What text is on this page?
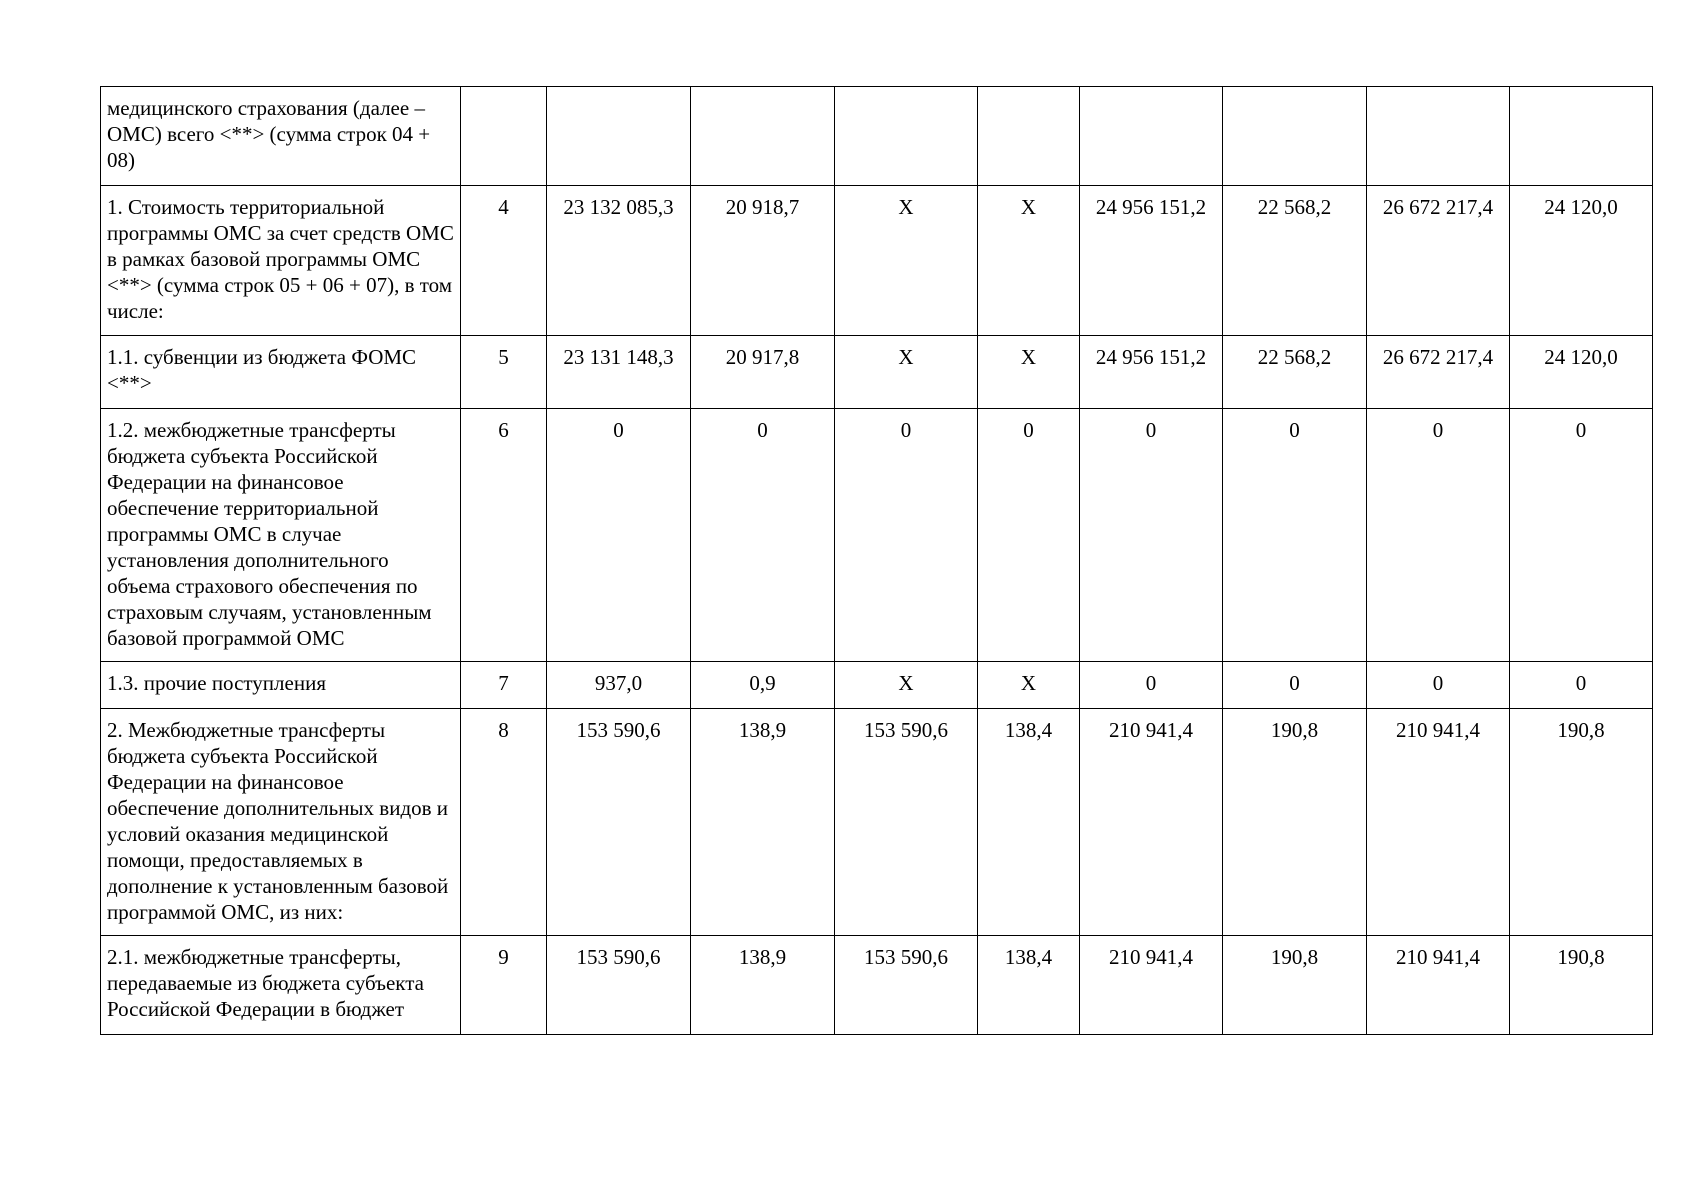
медицинского страхования (далее – ОМС) всего <**> (сумма строк 04 + 08)									
1. Стоимость территориальной программы ОМС за счет средств ОМС в рамках базовой программы ОМС <**> (сумма строк 05 + 06 + 07), в том числе:	4	23 132 085,3	20 918,7	Х	Х	24 956 151,2	22 568,2	26 672 217,4	24 120,0
1.1. субвенции из бюджета ФОМС <**>	5	23 131 148,3	20 917,8	Х	Х	24 956 151,2	22 568,2	26 672 217,4	24 120,0
1.2. межбюджетные трансферты бюджета субъекта Российской Федерации на финансовое обеспечение территориальной программы ОМС в случае установления дополнительного объема страхового обеспечения по страховым случаям, установленным базовой программой ОМС	6	0	0	0	0	0	0	0	0
1.3. прочие поступления	7	937,0	0,9	Х	Х	0	0	0	0
2. Межбюджетные трансферты бюджета субъекта Российской Федерации на финансовое обеспечение дополнительных видов и условий оказания медицинской помощи, предоставляемых в дополнение к установленным базовой программой ОМС, из них:	8	153 590,6	138,9	153 590,6	138,4	210 941,4	190,8	210 941,4	190,8
2.1. межбюджетные трансферты, передаваемые из бюджета субъекта Российской Федерации в бюджет	9	153 590,6	138,9	153 590,6	138,4	210 941,4	190,8	210 941,4	190,8
